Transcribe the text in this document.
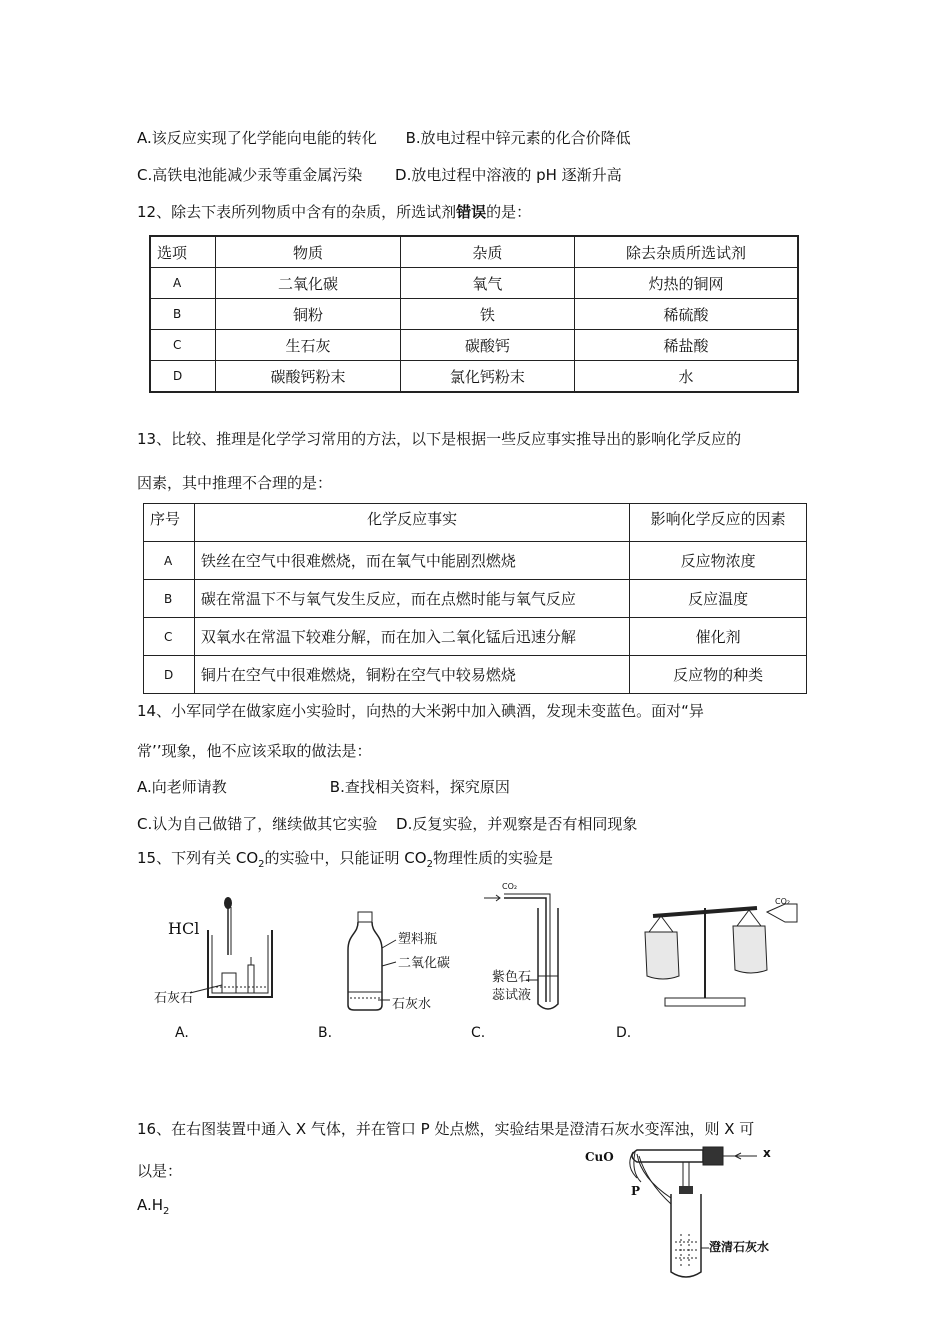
A.该反应实现了化学能向电能的转化 B.放电过程中锌元素的化合价降低
C.高铁电池能减少汞等重金属污染 D.放电过程中溶液的 pH 逐渐升高
12、除去下表所列物质中含有的杂质，所选试剂错误的是：
选项	物质	杂质	除去杂质所选试剂
A	二氧化碳	氧气	灼热的铜网
B	铜粉	铁	稀硫酸
C	生石灰	碳酸钙	稀盐酸
D	碳酸钙粉末	氯化钙粉末	水
13、比较、推理是化学学习常用的方法，以下是根据一些反应事实推导出的影响化学反应的
因素，其中推理不合理的是：
序号	化学反应事实	影响化学反应的因素
A	铁丝在空气中很难燃烧，而在氧气中能剧烈燃烧	反应物浓度
B	碳在常温下不与氧气发生反应，而在点燃时能与氧气反应	反应温度
C	双氧水在常温下较难分解，而在加入二氧化锰后迅速分解	催化剂
D	铜片在空气中很难燃烧，铜粉在空气中较易燃烧	反应物的种类
14、小军同学在做家庭小实验时，向热的大米粥中加入碘酒，发现未变蓝色。面对“异
常’’现象，他不应该采取的做法是：
A.向老师请教	B.查找相关资料，探究原因
C.认为自己做错了，继续做其它实验 D.反复实验，并观察是否有相同现象
15、下列有关 $CO_2$的实验中，只能证明 $CO_2$物理性质的实验是
HCl
石灰石
A.
塑料瓶
二氧化碳
石灰水
B.
CO₂
紫色石
蕊试液
C.
CO₂
D.
16、在右图装置中通入 X 气体，并在管口 P 处点燃，实验结果是澄清石灰水变浑浊，则 X 可
以是：
$A.H_2$
CuO	x
P
澄清石灰水
